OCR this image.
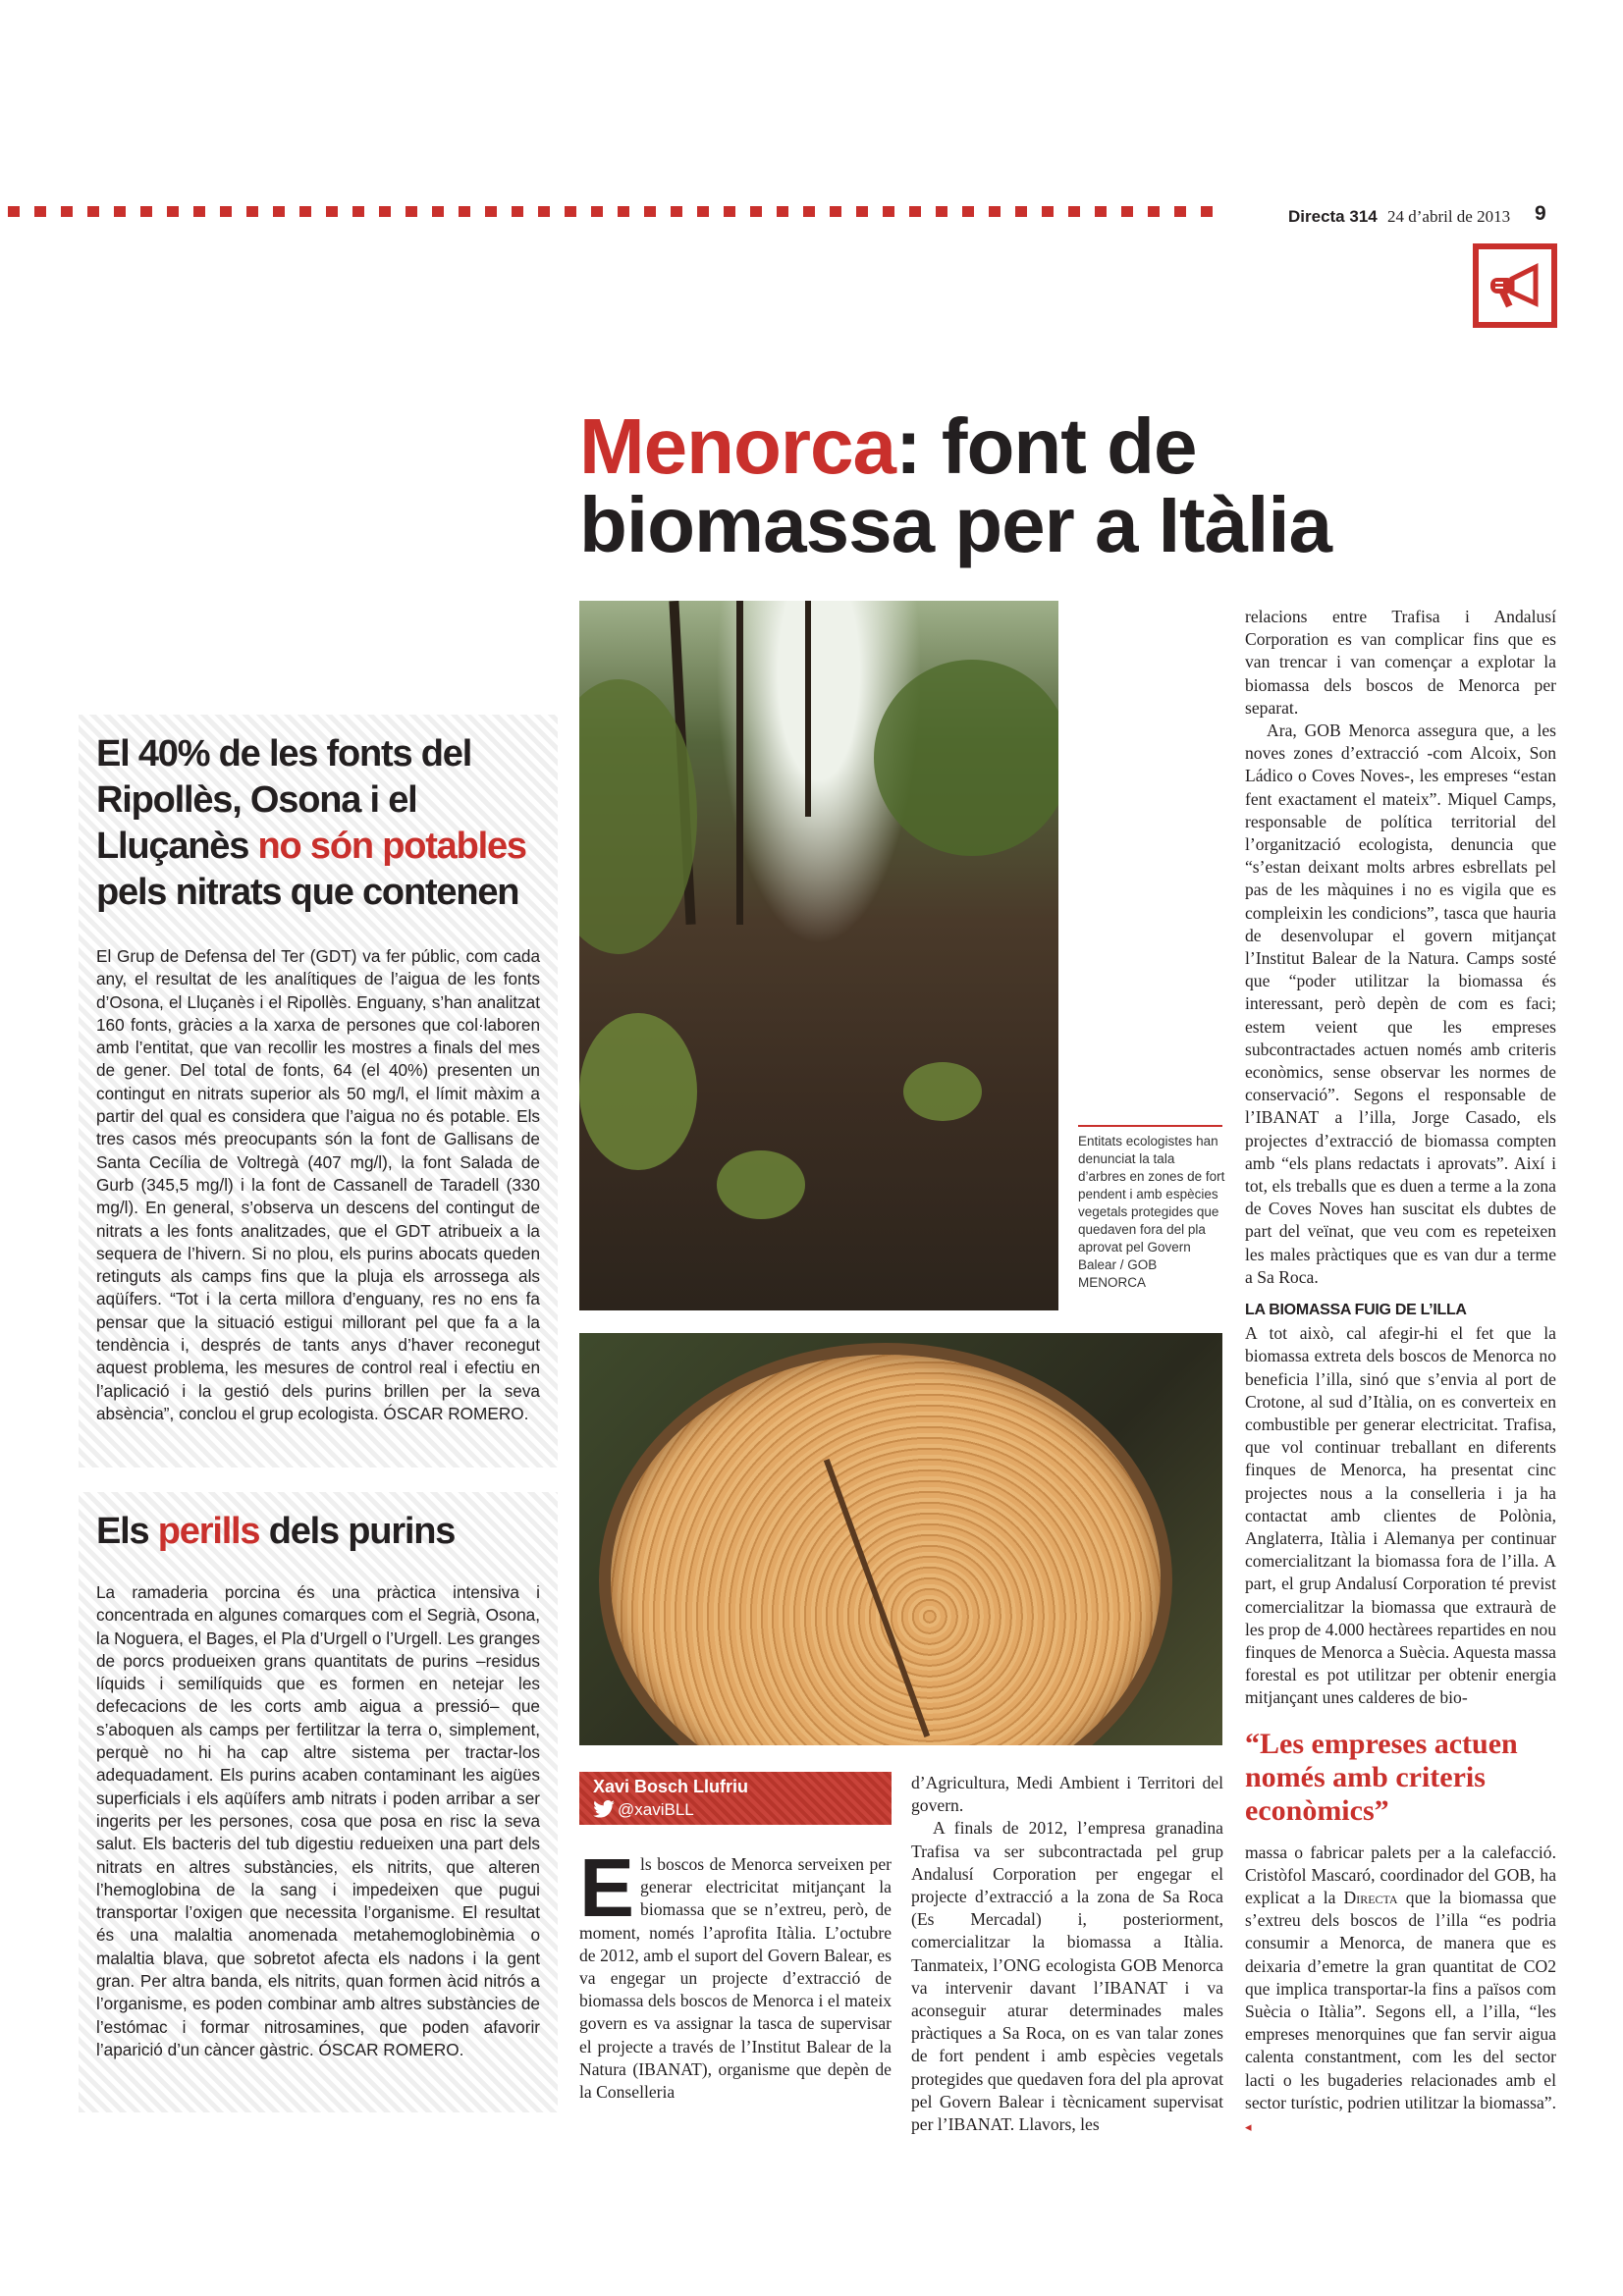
Directa 314 24 d’abril de 2013 9
Menorca: font de
biomassa per a Itàlia
Entitats ecologistes han denunciat la tala d’arbres en zones de fort pendent i amb espècies vegetals protegides que quedaven fora del pla aprovat pel Govern Balear / GOB MENORCA
Xavi Bosch Llufriu
@xaviBLL
E ls boscos de Menorca serveixen per generar electricitat mitjançant la biomassa que se n’extreu, però, de moment, només l’aprofita Itàlia. L’octubre de 2012, amb el suport del Govern Balear, es va engegar un projecte d’extracció de biomassa dels boscos de Menorca i el mateix govern es va assignar la tasca de supervisar el projecte a través de l’Institut Balear de la Natura (IBANAT), organisme que depèn de la Conselleria

d’Agricultura, Medi Ambient i Territori del govern.

A finals de 2012, l’empresa granadina Trafisa va ser subcontractada pel grup Andalusí Corporation per engegar el projecte d’extracció a la zona de Sa Roca (Es Mercadal) i, posteriorment, comercialitzar la biomassa a Itàlia. Tanmateix, l’ONG ecologista GOB Menorca va intervenir davant l’IBANAT i va aconseguir aturar determinades males pràctiques a Sa Roca, on es van talar zones de fort pendent i amb espècies vegetals protegides que quedaven fora del pla aprovat pel Govern Balear i tècnicament supervisat per l’IBANAT. Llavors, les

relacions entre Trafisa i Andalusí Corporation es van complicar fins que es van trencar i van començar a explotar la biomassa dels boscos de Menorca per separat.

Ara, GOB Menorca assegura que, a les noves zones d’extracció -com Alcoix, Son Ládico o Coves Noves-, les empreses “estan fent exactament el mateix”. Miquel Camps, responsable de política territorial del l’organització ecologista, denuncia que “s’estan deixant molts arbres esbrellats pel pas de les màquines i no es vigila que es compleixin les condicions”, tasca que hauria de desenvolupar el govern mitjançat l’Institut Balear de la Natura. Camps sosté que “poder utilitzar la biomassa és interessant, però depèn de com es faci; estem veient que les empreses subcontractades actuen només amb criteris econòmics, sense observar les normes de conservació”. Segons el responsable de l’IBANAT a l’illa, Jorge Casado, els projectes d’extracció de biomassa compten amb “els plans redactats i aprovats”. Així i tot, els treballs que es duen a terme a la zona de Coves Noves han suscitat els dubtes de part del veïnat, que veu com es repeteixen les males pràctiques que es van dur a terme a Sa Roca.

LA BIOMASSA FUIG DE L’ILLA

A tot això, cal afegir-hi el fet que la biomassa extreta dels boscos de Menorca no beneficia l’illa, sinó que s’envia al port de Crotone, al sud d’Itàlia, on es converteix en combustible per generar electricitat. Trafisa, que vol continuar treballant en diferents finques de Menorca, ha presentat cinc projectes nous a la conselleria i ja ha contactat amb clientes de Polònia, Anglaterra, Itàlia i Alemanya per continuar comercialitzant la biomassa fora de l’illa. A part, el grup Andalusí Corporation té previst comercialitzar la biomassa que extraurà de les prop de 4.000 hectàrees repartides en nou finques de Menorca a Suècia. Aquesta massa forestal es pot utilitzar per obtenir energia mitjançant unes calderes de bio-

“Les empreses actuen només amb criteris econòmics”

massa o fabricar palets per a la calefacció. Cristòfol Mascaró, coordinador del GOB, ha explicat a la Directa que la biomassa que s’extreu dels boscos de l’illa “es podria consumir a Menorca, de manera que es deixaria d’emetre la gran quantitat de CO2 que implica transportar-la fins a països com Suècia o Itàlia”. Segons ell, a l’illa, “les empreses menorquines que fan servir aigua calenta constantment, com les del sector lacti o les bugaderies relacionades amb el sector turístic, podrien utilitzar la biomassa”. ◂

El 40% de les fonts del Ripollès, Osona i el Lluçanès no són potables pels nitrats que contenen
El Grup de Defensa del Ter (GDT) va fer públic, com cada any, el resultat de les analítiques de l’aigua de les fonts d’Osona, el Lluçanès i el Ripollès. Enguany, s’han analitzat 160 fonts, gràcies a la xarxa de persones que col·laboren amb l’entitat, que van recollir les mostres a finals del mes de gener. Del total de fonts, 64 (el 40%) presenten un contingut en nitrats superior als 50 mg/l, el límit màxim a partir del qual es considera que l’aigua no és potable. Els tres casos més preocupants són la font de Gallisans de Santa Cecília de Voltregà (407 mg/l), la font Salada de Gurb (345,5 mg/l) i la font de Cassanell de Taradell (330 mg/l). En general, s’observa un descens del contingut de nitrats a les fonts analitzades, que el GDT atribueix a la sequera de l’hivern. Si no plou, els purins abocats queden retinguts als camps fins que la pluja els arrossega als aqüífers. “Tot i la certa millora d’enguany, res no ens fa pensar que la situació estigui millorant pel que fa a la tendència i, després de tants anys d’haver reconegut aquest problema, les mesures de control real i efectiu en l’aplicació i la gestió dels purins brillen per la seva absència”, conclou el grup ecologista. ÓSCAR ROMERO.
Els perills dels purins
La ramaderia porcina és una pràctica intensiva i concentrada en algunes comarques com el Segrià, Osona, la Noguera, el Bages, el Pla d’Urgell o l’Urgell. Les granges de porcs produeixen grans quantitats de purins –residus líquids i semilíquids que es formen en netejar les defecacions de les corts amb aigua a pressió– que s’aboquen als camps per fertilitzar la terra o, simplement, perquè no hi ha cap altre sistema per tractar-los adequadament. Els purins acaben contaminant les aigües superficials i els aqüífers amb nitrats i poden arribar a ser ingerits per les persones, cosa que posa en risc la seva salut. Els bacteris del tub digestiu redueixen una part dels nitrats en altres substàncies, els nitrits, que alteren l’hemoglobina de la sang i impedeixen que pugui transportar l’oxigen que necessita l’organisme. El resultat és una malaltia anomenada metahemoglobinèmia o malaltia blava, que sobretot afecta els nadons i la gent gran. Per altra banda, els nitrits, quan formen àcid nitrós a l’organisme, es poden combinar amb altres substàncies de l’estómac i formar nitrosamines, que poden afavorir l’aparició d’un càncer gàstric. ÓSCAR ROMERO.
